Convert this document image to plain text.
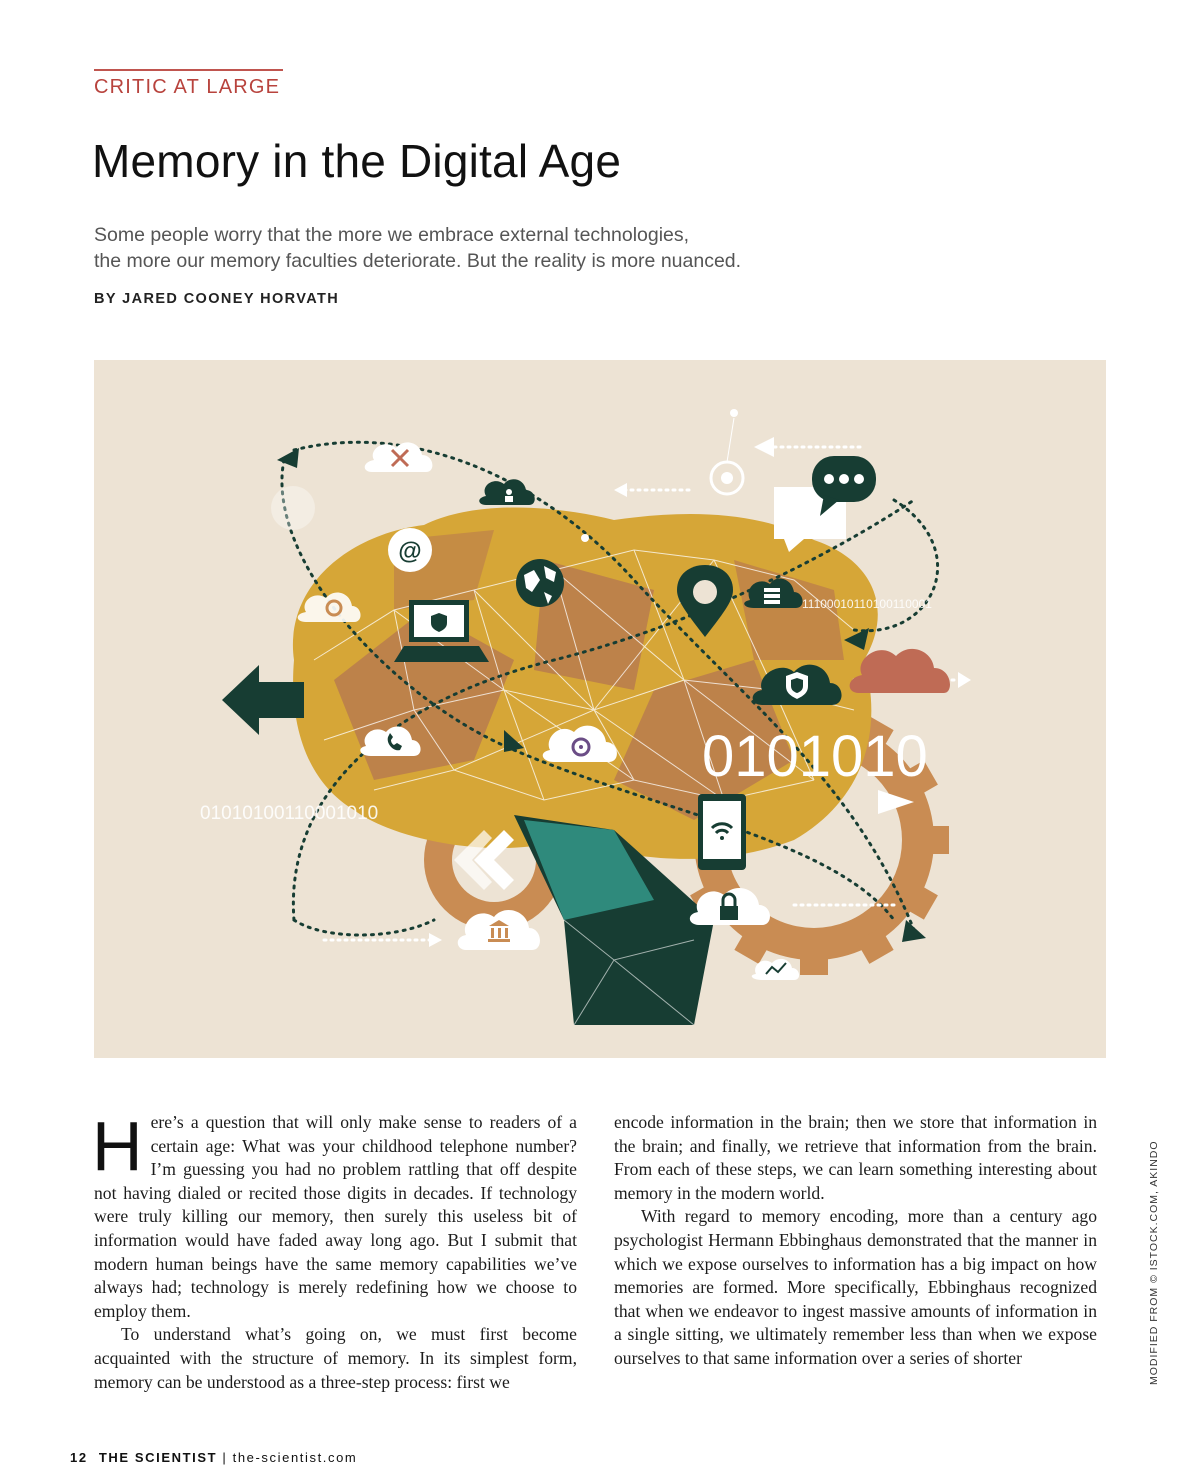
CRITIC AT LARGE
Memory in the Digital Age
Some people worry that the more we embrace external technologies,
the more our memory faculties deteriorate. But the reality is more nuanced.
BY JARED COONEY HORVATH
@
0101010
01010100110001010
11100010110100110001

Here’s a question that will only make sense to readers of a certain age: What was your childhood telephone number? I’m guessing you had no problem rattling that off despite not having dialed or recited those digits in decades. If technology were truly killing our memory, then surely this useless bit of information would have faded away long ago. But I submit that modern human beings have the same memory capabilities we’ve always had; technology is merely redefining how we choose to employ them.

To understand what’s going on, we must first become acquainted with the structure of memory. In its simplest form, memory can be understood as a three-step process: first we

encode information in the brain; then we store that information in the brain; and finally, we retrieve that information from the brain. From each of these steps, we can learn something interesting about memory in the modern world.

With regard to memory encoding, more than a century ago psychologist Hermann Ebbinghaus demonstrated that the manner in which we expose ourselves to information has a big impact on how memories are formed. More specifically, Ebbinghaus recognized that when we endeavor to ingest massive amounts of information in a single sitting, we ultimately remember less than when we expose ourselves to that same information over a series of shorter	MODIFIED FROM © ISTOCK.COM, AKINDO
12 THE SCIENTIST | the-scientist.com
